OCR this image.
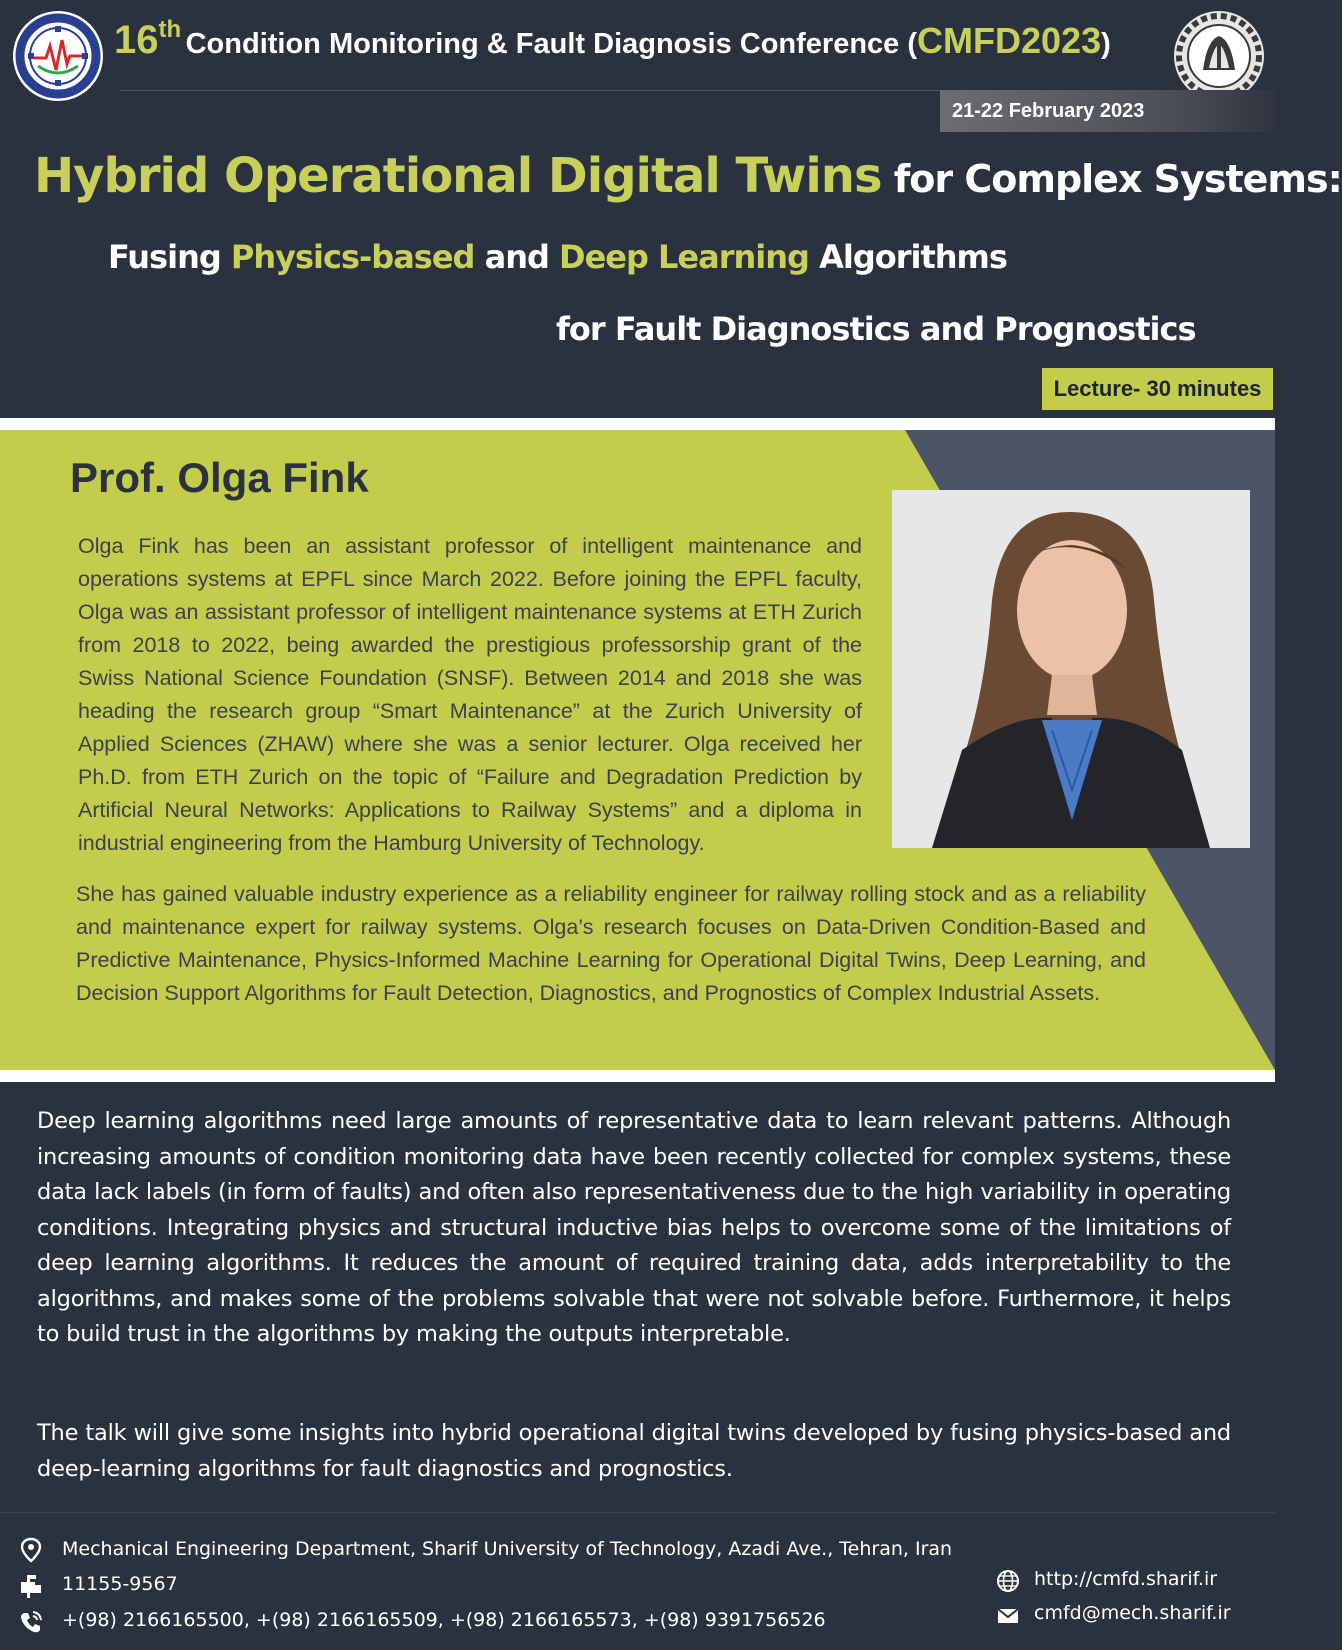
16th Condition Monitoring & Fault Diagnosis Conference (CMFD2023)
21-22 February 2023
Hybrid Operational Digital Twins for Complex Systems:
Fusing Physics-based and Deep Learning Algorithms
for Fault Diagnostics and Prognostics
Lecture- 30 minutes
Prof. Olga Fink
Olga Fink has been an assistant professor of intelligent maintenance and operations systems at EPFL since March 2022. Before joining the EPFL faculty, Olga was an assistant professor of intelligent maintenance systems at ETH Zurich from 2018 to 2022, being awarded the prestigious professorship grant of the Swiss National Science Foundation (SNSF). Between 2014 and 2018 she was heading the research group “Smart Maintenance” at the Zurich University of Applied Sciences (ZHAW) where she was a senior lecturer. Olga received her Ph.D. from ETH Zurich on the topic of “Failure and Degradation Prediction by Artificial Neural Networks: Applications to Railway Systems” and a diploma in industrial engineering from the Hamburg University of Technology.
She has gained valuable industry experience as a reliability engineer for railway rolling stock and as a reliability and maintenance expert for railway systems. Olga’s research focuses on Data-Driven Condition-Based and Predictive Maintenance, Physics-Informed Machine Learning for Operational Digital Twins, Deep Learning, and Decision Support Algorithms for Fault Detection, Diagnostics, and Prognostics of Complex Industrial Assets.
Deep learning algorithms need large amounts of representative data to learn relevant patterns. Although increasing amounts of condition monitoring data have been recently collected for complex systems, these data lack labels (in form of faults) and often also representativeness due to the high variability in operating conditions. Integrating physics and structural inductive bias helps to overcome some of the limitations of deep learning algorithms. It reduces the amount of required training data, adds interpretability to the algorithms, and makes some of the problems solvable that were not solvable before. Furthermore, it helps to build trust in the algorithms by making the outputs interpretable.
The talk will give some insights into hybrid operational digital twins developed by fusing physics-based and deep-learning algorithms for fault diagnostics and prognostics.
Mechanical Engineering Department, Sharif University of Technology, Azadi Ave., Tehran, Iran
11155-9567
+(98) 2166165500, +(98) 2166165509, +(98) 2166165573, +(98) 9391756526
http://cmfd.sharif.ir
cmfd@mech.sharif.ir
